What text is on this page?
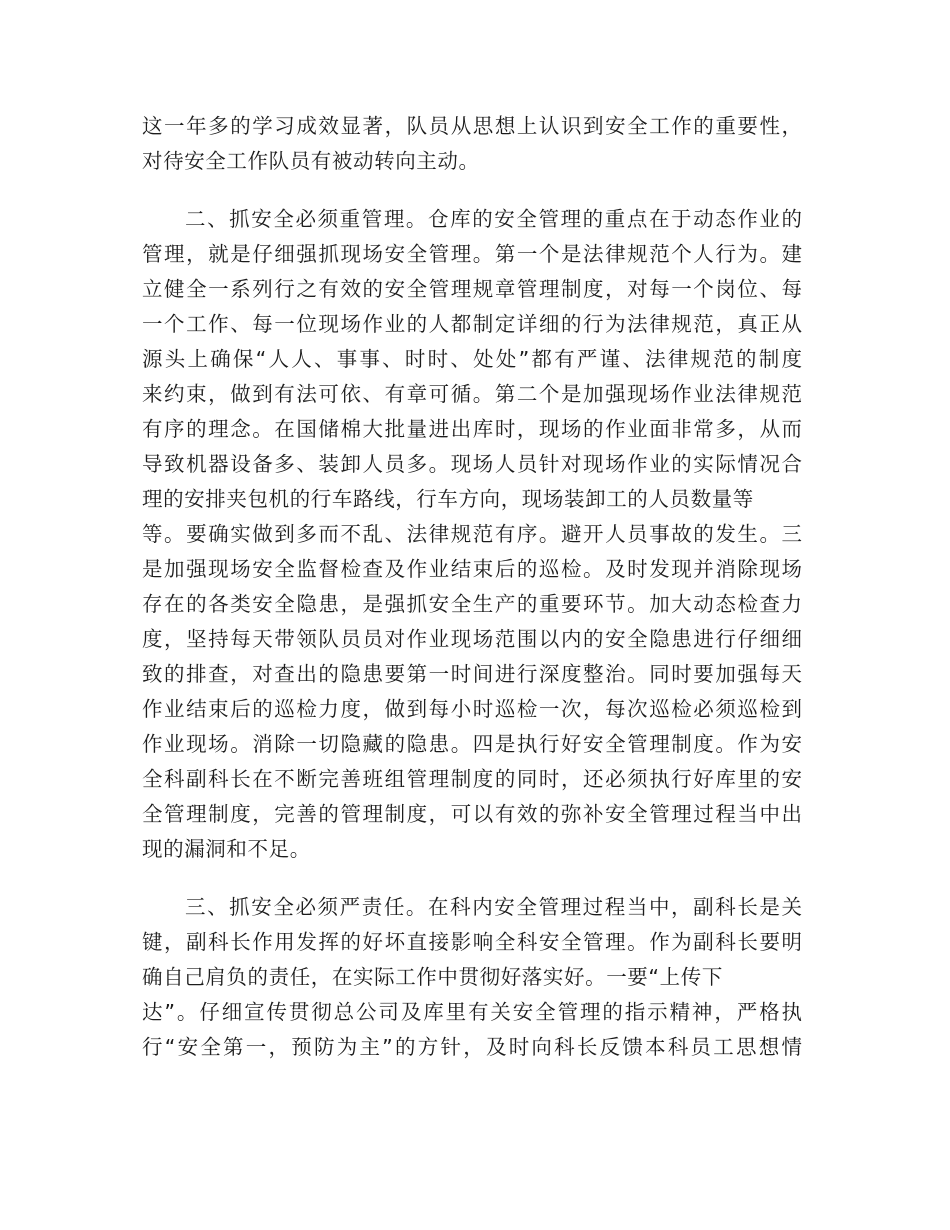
这一年多的学习成效显著，队员从思想上认识到安全工作的重要性，

对待安全工作队员有被动转向主动。

二、抓安全必须重管理。仓库的安全管理的重点在于动态作业的

管理，就是仔细强抓现场安全管理。第一个是法律规范个人行为。建

立健全一系列行之有效的安全管理规章管理制度，对每一个岗位、每

一个工作、每一位现场作业的人都制定详细的行为法律规范，真正从

源头上确保“人人、事事、时时、处处”都有严谨、法律规范的制度

来约束，做到有法可依、有章可循。第二个是加强现场作业法律规范

有序的理念。在国储棉大批量进出库时，现场的作业面非常多，从而

导致机器设备多、装卸人员多。现场人员针对现场作业的实际情况合

理的安排夹包机的行车路线，行车方向，现场装卸工的人员数量等

等。要确实做到多而不乱、法律规范有序。避开人员事故的发生。三

是加强现场安全监督检查及作业结束后的巡检。及时发现并消除现场

存在的各类安全隐患，是强抓安全生产的重要环节。加大动态检查力

度，坚持每天带领队员员对作业现场范围以内的安全隐患进行仔细细

致的排查，对查出的隐患要第一时间进行深度整治。同时要加强每天

作业结束后的巡检力度，做到每小时巡检一次，每次巡检必须巡检到

作业现场。消除一切隐藏的隐患。四是执行好安全管理制度。作为安

全科副科长在不断完善班组管理制度的同时，还必须执行好库里的安

全管理制度，完善的管理制度，可以有效的弥补安全管理过程当中出

现的漏洞和不足。

三、抓安全必须严责任。在科内安全管理过程当中，副科长是关

键，副科长作用发挥的好坏直接影响全科安全管理。作为副科长要明

确自己肩负的责任，在实际工作中贯彻好落实好。一要“上传下

达”。仔细宣传贯彻总公司及库里有关安全管理的指示精神，严格执

行“安全第一，预防为主”的方针，及时向科长反馈本科员工思想情
